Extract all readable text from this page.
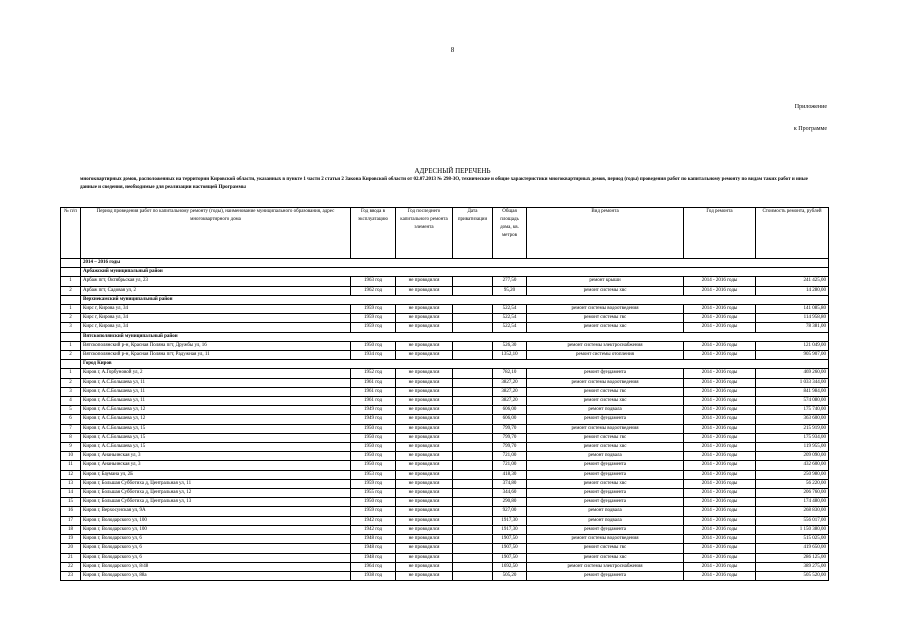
8
Приложение
к Программе
АДРЕСНЫЙ ПЕРЕЧЕНЬ
многоквартирных домов, расположенных на территории Кировской области, указанных в пункте 1 части 2 статьи 2 Закона Кировской области от 02.07.2013 № 298-ЗО, технические и общие характеристики многоквартирных домов, период (годы) проведения работ по капитальному ремонту по видам таких работ и иные данные и сведения, необходимые для реализации настоящей Программы
№ п/п	Период проведения работ по капитальному ремонту (годы), наименование муниципального образования, адрес многоквартирного дома	Год ввода в эксплуатацию	Год последнего капитального ремонта элемента	Дата приватизации	Общая площадь дома, кв. метров	Вид ремонта	Год ремонта	Стоимость ремонта, рублей
	2014 – 2016 годы							
	Арбажский муниципальный район							
1	Арбаж пгт, Октябрьская ул, 23	1963 год	не проводился		277,50	ремонт крыши	2014 - 2016 годы	241 425,00
2	Арбаж пгт, Садовая ул, 2	1962 год	не проводился		95,20	ремонт системы хвс	2014 - 2016 годы	14 280,00
	Верхнекамский муниципальный район							
1	Кирс г, Кирова ул, 34	1959 год	не проводился		522,54	ремонт системы водоотведения	2014 - 2016 годы	141 085,80
2	Кирс г, Кирова ул, 34	1959 год	не проводился		522,54	ремонт системы гвс	2014 - 2016 годы	114 958,80
3	Кирс г, Кирова ул, 34	1959 год	не проводился		522,54	ремонт системы хвс	2014 - 2016 годы	78 381,00
	Вятскополянский муниципальный район							
1	Вятскополянский р-н, Красная Поляна пгт, Дружбы ул, 16	1950 год	не проводился		526,30	ремонт системы электроснабжения	2014 - 2016 годы	121 049,00
2	Вятскополянский р-н, Красная Поляна пгт, Радужная ул, 11	1934 год	не проводился		1352,10	ремонт системы отопления	2014 - 2016 годы	905 907,00
	Город Киров							
1	Киров г, А.Горбуновой ул, 2	1952 год	не проводился		782,10	ремонт фундамента	2014 - 2016 годы	469 260,00
2	Киров г, А.С.Большева ул, 11	1961 год	не проводился		3827,20	ремонт системы водоотведения	2014 - 2016 годы	1 033 344,00
3	Киров г, А.С.Большева ул, 11	1961 год	не проводился		3827,20	ремонт системы гвс	2014 - 2016 годы	841 984,00
4	Киров г, А.С.Большева ул, 11	1961 год	не проводился		3827,20	ремонт системы хвс	2014 - 2016 годы	574 080,00
5	Киров г, А.С.Большева ул, 12	1949 год	не проводился		606,00	ремонт подвала	2014 - 2016 годы	175 740,00
6	Киров г, А.С.Большева ул, 12	1949 год	не проводился		606,00	ремонт фундамента	2014 - 2016 годы	363 600,00
7	Киров г, А.С.Большева ул, 15	1950 год	не проводился		799,70	ремонт системы водоотведения	2014 - 2016 годы	215 919,00
8	Киров г, А.С.Большева ул, 15	1950 год	не проводился		799,70	ремонт системы гвс	2014 - 2016 годы	175 934,00
9	Киров г, А.С.Большева ул, 15	1950 год	не проводился		799,70	ремонт системы хвс	2014 - 2016 годы	119 955,00
10	Киров г, Ананьинская ул, 3	1950 год	не проводился		721,00	ремонт подвала	2014 - 2016 годы	209 090,00
11	Киров г, Ананьинская ул, 3	1950 год	не проводился		721,00	ремонт фундамента	2014 - 2016 годы	432 600,00
12	Киров г, Баумана ул, 2Б	1953 год	не проводился		418,30	ремонт фундамента	2014 - 2016 годы	250 980,00
13	Киров г, Большая Субботиха д, Центральная ул, 11	1959 год	не проводился		374,80	ремонт системы хвс	2014 - 2016 годы	56 220,00
14	Киров г, Большая Субботиха д, Центральная ул, 12	1955 год	не проводился		344,60	ремонт фундамента	2014 - 2016 годы	206 760,00
15	Киров г, Большая Субботиха д, Центральная ул, 13	1950 год	не проводился		290,80	ремонт фундамента	2014 - 2016 годы	174 480,00
16	Киров г, Верхосунская ул, 9А	1959 год	не проводился		927,00	ремонт подвала	2014 - 2016 годы	268 830,00
17	Киров г, Володарского ул, 100	1942 год	не проводился		1917,30	ремонт подвала	2014 - 2016 годы	556 017,00
18	Киров г, Володарского ул, 100	1942 год	не проводился		1917,30	ремонт фундамента	2014 - 2016 годы	1 150 380,00
19	Киров г, Володарского ул, 6	1948 год	не проводился		1907,50	ремонт системы водоотведения	2014 - 2016 годы	515 025,00
20	Киров г, Володарского ул, 6	1948 год	не проводился		1907,50	ремонт системы гвс	2014 - 2016 годы	419 650,00
21	Киров г, Володарского ул, 6	1948 год	не проводился		1907,50	ремонт системы хвс	2014 - 2016 годы	286 125,00
22	Киров г, Володарского ул, 8/48	1964 год	не проводился		1692,50	ремонт системы электроснабжения	2014 - 2016 годы	389 275,00
23	Киров г, Володарского ул, 88а	1938 год	не проводился		505,20	ремонт фундамента	2014 - 2016 годы	505 520,00
